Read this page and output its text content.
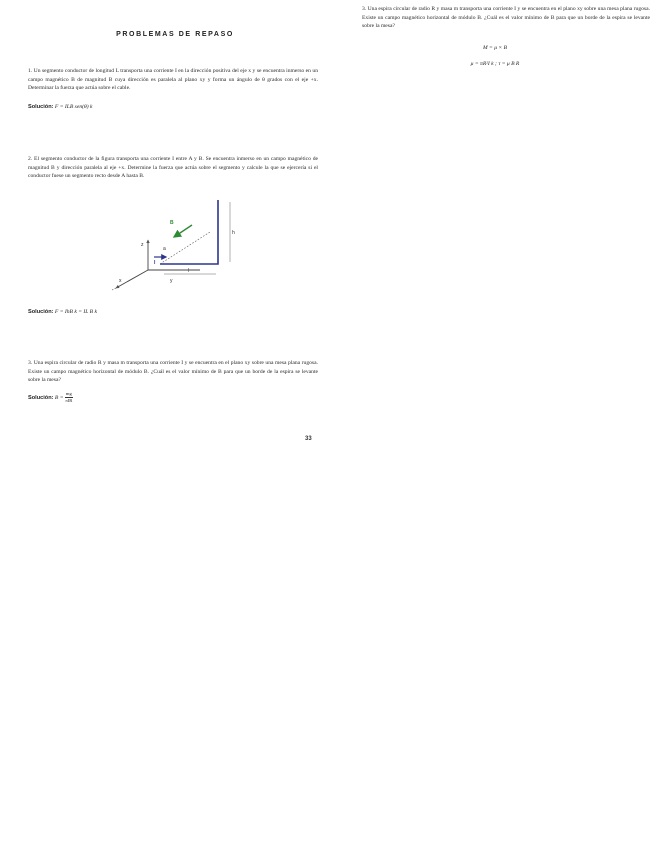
PROBLEMAS DE REPASO
1. Un segmento conductor de longitud L transporta una corriente I en la dirección positiva del eje x y se encuentra inmerso en un campo magnético B de magnitud B cuya dirección es paralela al plano xy y forma un ángulo de θ grados con el eje +x. Determinar la fuerza que actúa sobre el cable.
Solución: F = ILB sen(θ) k
2. El segmento conductor de la figura transporta una corriente I entre A y B. Se encuentra inmerso en un campo magnético de magnitud B y dirección paralela al eje +x. Determine la fuerza que actúa sobre el segmento y calcule la que se ejercería si el conductor fuese un segmento recto desde A hasta B.
B
I
z
y
x
h
l
a
Solución: F = IhB k = IL B k
3. Una espira circular de radio R y masa m transporta una corriente I y se encuentra en el plano xy sobre una mesa plana rugosa. Existe un campo magnético horizontal de módulo B. ¿Cuál es el valor mínimo de B para que un borde de la espira se levante sobre la mesa?
Solución: $B = \frac{mg}{\text{πIR}}$
33
3. Una espira circular de radio R y masa m transporta una corriente I y se encuentra en el plano xy sobre una mesa plana rugosa. Existe un campo magnético horizontal de módulo B. ¿Cuál es el valor mínimo de B para que un borde de la espira se levante sobre la mesa?
M = μ × B
μ = πR²I k ; τ = μ B R
